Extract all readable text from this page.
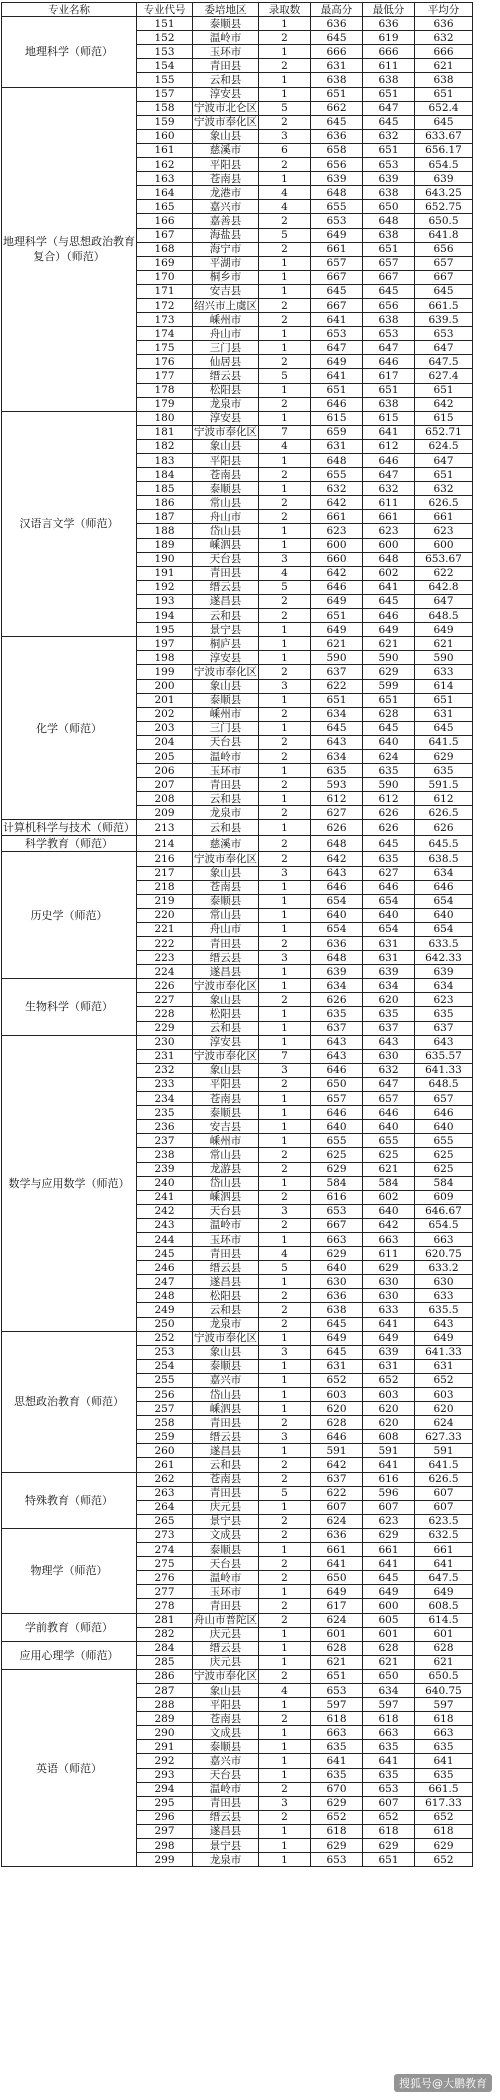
专业名称	专业代号	委培地区	录取数	最高分	最低分	平均分
地理科学（师范）	151	泰顺县	1	636	636	636
	152	温岭市	2	645	619	632
	153	玉环市	1	666	666	666
	154	青田县	2	631	611	621
	155	云和县	1	638	638	638
地理科学（与思想政治教育复合）（师范）	157	淳安县	1	651	651	651
	158	宁波市北仑区	5	662	647	652.4
	159	宁波市奉化区	2	645	645	645
	160	象山县	3	636	632	633.67
	161	慈溪市	6	658	651	656.17
	162	平阳县	2	656	653	654.5
	163	苍南县	1	639	639	639
	164	龙港市	4	648	638	643.25
	165	嘉兴市	4	655	650	652.75
	166	嘉善县	2	653	648	650.5
	167	海盐县	5	649	638	641.8
	168	海宁市	2	661	651	656
	169	平湖市	1	657	657	657
	170	桐乡市	1	667	667	667
	171	安吉县	1	645	645	645
	172	绍兴市上虞区	2	667	656	661.5
	173	嵊州市	2	641	638	639.5
	174	舟山市	1	653	653	653
	175	三门县	1	647	647	647
	176	仙居县	2	649	646	647.5
	177	缙云县	5	641	617	627.4
	178	松阳县	1	651	651	651
	179	龙泉市	2	646	638	642
汉语言文学（师范）	180	淳安县	1	615	615	615
	181	宁波市奉化区	7	659	641	652.71
	182	象山县	4	631	612	624.5
	183	平阳县	1	648	646	647
	184	苍南县	2	655	647	651
	185	泰顺县	1	632	632	632
	186	常山县	2	642	611	626.5
	187	舟山市	2	661	661	661
	188	岱山县	1	623	623	623
	189	嵊泗县	1	600	600	600
	190	天台县	3	660	648	653.67
	191	青田县	4	642	602	622
	192	缙云县	5	646	641	642.8
	193	遂昌县	2	649	645	647
	194	云和县	2	651	646	648.5
	195	景宁县	1	649	649	649
化学（师范）	197	桐庐县	1	621	621	621
	198	淳安县	1	590	590	590
	199	宁波市奉化区	2	637	629	633
	200	象山县	3	622	599	614
	201	泰顺县	1	651	651	651
	202	嵊州市	2	634	628	631
	203	三门县	1	645	645	645
	204	天台县	2	643	640	641.5
	205	温岭市	2	634	624	629
	206	玉环市	1	635	635	635
	207	青田县	2	593	590	591.5
	208	云和县	1	612	612	612
	209	龙泉市	2	627	626	626.5
计算机科学与技术（师范）	213	云和县	1	626	626	626
科学教育（师范）	214	慈溪市	2	648	645	645.5
历史学（师范）	216	宁波市奉化区	2	642	635	638.5
	217	象山县	3	643	627	634
	218	苍南县	1	646	646	646
	219	泰顺县	1	654	654	654
	220	常山县	1	640	640	640
	221	舟山市	1	654	654	654
	222	青田县	2	636	631	633.5
	223	缙云县	3	648	631	642.33
	224	遂昌县	1	639	639	639
生物科学（师范）	226	宁波市奉化区	1	634	634	634
	227	象山县	2	626	620	623
	228	松阳县	1	635	635	635
	229	云和县	1	637	637	637
数学与应用数学（师范）	230	淳安县	1	643	643	643
	231	宁波市奉化区	7	643	630	635.57
	232	象山县	3	646	632	641.33
	233	平阳县	2	650	647	648.5
	234	苍南县	1	657	657	657
	235	泰顺县	1	646	646	646
	236	安吉县	1	640	640	640
	237	嵊州市	1	655	655	655
	238	常山县	2	625	625	625
	239	龙游县	2	629	621	625
	240	岱山县	1	584	584	584
	241	嵊泗县	2	616	602	609
	242	天台县	3	653	640	646.67
	243	温岭市	2	667	642	654.5
	244	玉环市	1	663	663	663
	245	青田县	4	629	611	620.75
	246	缙云县	5	640	629	633.2
	247	遂昌县	1	630	630	630
	248	松阳县	2	636	630	633
	249	云和县	2	638	633	635.5
	250	龙泉市	2	645	641	643
思想政治教育（师范）	252	宁波市奉化区	1	649	649	649
	253	象山县	3	645	639	641.33
	254	泰顺县	1	631	631	631
	255	嘉兴市	1	652	652	652
	256	岱山县	1	603	603	603
	257	嵊泗县	1	620	620	620
	258	青田县	2	628	620	624
	259	缙云县	3	646	608	627.33
	260	遂昌县	1	591	591	591
	261	云和县	2	642	641	641.5
特殊教育（师范）	262	苍南县	2	637	616	626.5
	263	青田县	5	622	596	607
	264	庆元县	1	607	607	607
	265	景宁县	2	624	623	623.5
物理学（师范）	273	文成县	2	636	629	632.5
	274	泰顺县	1	661	661	661
	275	天台县	2	641	641	641
	276	温岭市	2	650	645	647.5
	277	玉环市	1	649	649	649
	278	青田县	2	617	600	608.5
学前教育（师范）	281	舟山市普陀区	2	624	605	614.5
	282	庆元县	1	601	601	601
应用心理学（师范）	284	缙云县	1	628	628	628
	285	庆元县	1	621	621	621
英语（师范）	286	宁波市奉化区	2	651	650	650.5
	287	象山县	4	653	634	640.75
	288	平阳县	1	597	597	597
	289	苍南县	2	618	618	618
	290	文成县	1	663	663	663
	291	泰顺县	1	635	635	635
	292	嘉兴市	1	641	641	641
	293	天台县	1	635	635	635
	294	温岭市	2	670	653	661.5
	295	青田县	3	629	607	617.33
	296	缙云县	2	652	652	652
	297	遂昌县	1	618	618	618
	298	景宁县	1	629	629	629
	299	龙泉市	1	653	651	652
搜狐号@大鹏教育
